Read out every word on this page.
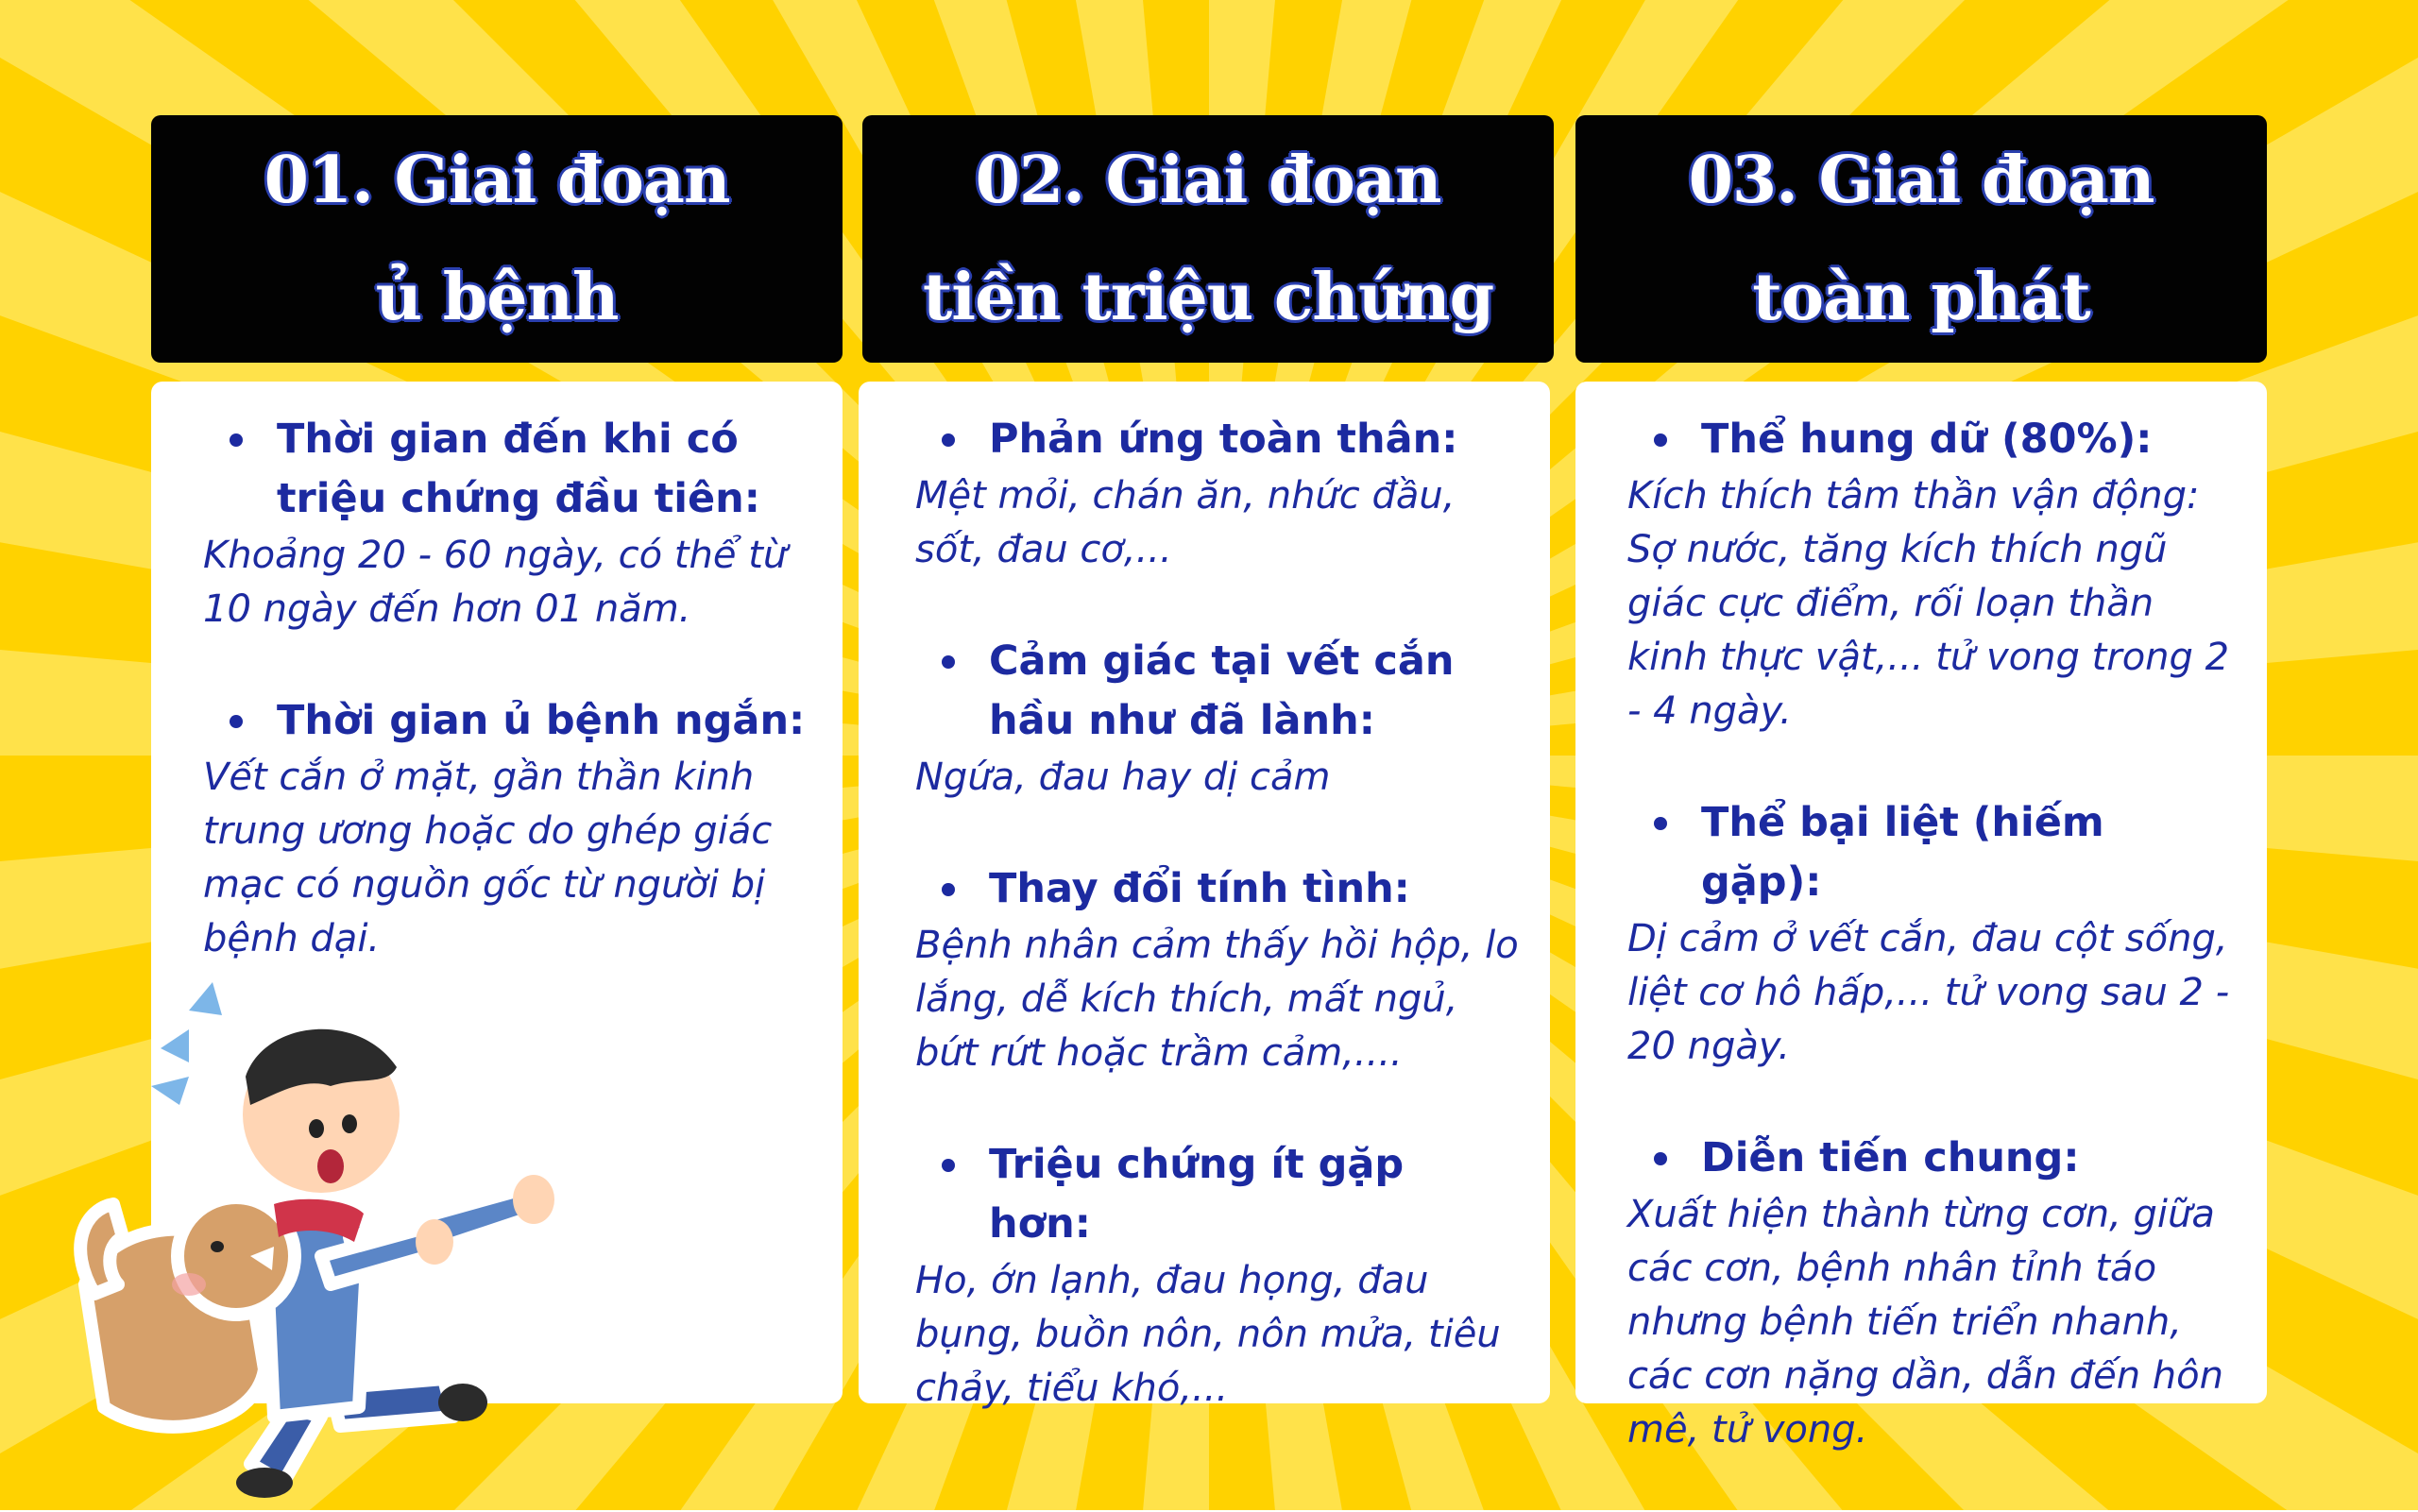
01. Giai đoạn
ủ bệnh
Thời gian đến khi có triệu chứng đầu tiên:
Khoảng 20 - 60 ngày, có thể từ 10 ngày đến hơn 01 năm.
Thời gian ủ bệnh ngắn:
Vết cắn ở mặt, gần thần kinh trung ương hoặc do ghép giác mạc có nguồn gốc từ người bị bệnh dại.
02. Giai đoạn
tiền triệu chứng
Phản ứng toàn thân:
Mệt mỏi, chán ăn, nhức đầu, sốt, đau cơ,...
Cảm giác tại vết cắn hầu như đã lành:
Ngứa, đau hay dị cảm
Thay đổi tính tình:
Bệnh nhân cảm thấy hồi hộp, lo lắng, dễ kích thích, mất ngủ, bứt rứt hoặc trầm cảm,....
Triệu chứng ít gặp hơn:
Ho, ớn lạnh, đau họng, đau bụng, buồn nôn, nôn mửa, tiêu chảy, tiểu khó,...
03. Giai đoạn
toàn phát
Thể hung dữ (80%):
Kích thích tâm thần vận động: Sợ nước, tăng kích thích ngũ giác cực điểm, rối loạn thần kinh thực vật,... tử vong trong 2 - 4 ngày.
Thể bại liệt (hiếm gặp):
Dị cảm ở vết cắn, đau cột sống, liệt cơ hô hấp,... tử vong sau 2 - 20 ngày.
Diễn tiến chung:
Xuất hiện thành từng cơn, giữa các cơn, bệnh nhân tỉnh táo nhưng bệnh tiến triển nhanh, các cơn nặng dần, dẫn đến hôn mê, tử vong.
